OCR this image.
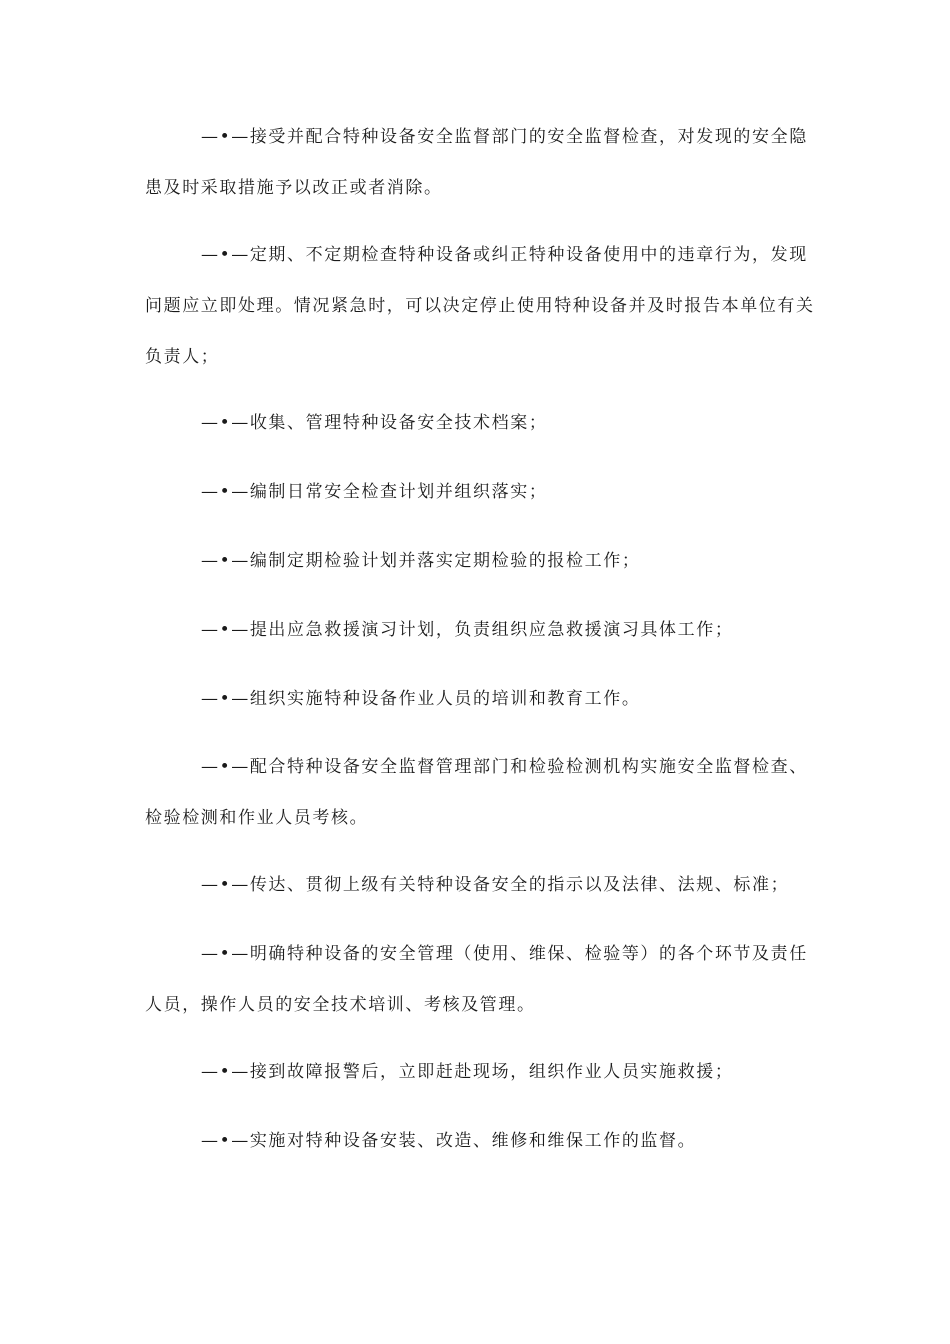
—•—接受并配合特种设备安全监督部门的安全监督检查，对发现的安全隐患及时采取措施予以改正或者消除。

—•—定期、不定期检查特种设备或纠正特种设备使用中的违章行为，发现问题应立即处理。情况紧急时，可以决定停止使用特种设备并及时报告本单位有关负责人；

—•—收集、管理特种设备安全技术档案；

—•—编制日常安全检查计划并组织落实；

—•—编制定期检验计划并落实定期检验的报检工作；

—•—提出应急救援演习计划，负责组织应急救援演习具体工作；

—•—组织实施特种设备作业人员的培训和教育工作。

—•—配合特种设备安全监督管理部门和检验检测机构实施安全监督检查、检验检测和作业人员考核。

—•—传达、贯彻上级有关特种设备安全的指示以及法律、法规、标准；

—•—明确特种设备的安全管理（使用、维保、检验等）的各个环节及责任人员，操作人员的安全技术培训、考核及管理。

—•—接到故障报警后，立即赶赴现场，组织作业人员实施救援；

—•—实施对特种设备安装、改造、维修和维保工作的监督。
